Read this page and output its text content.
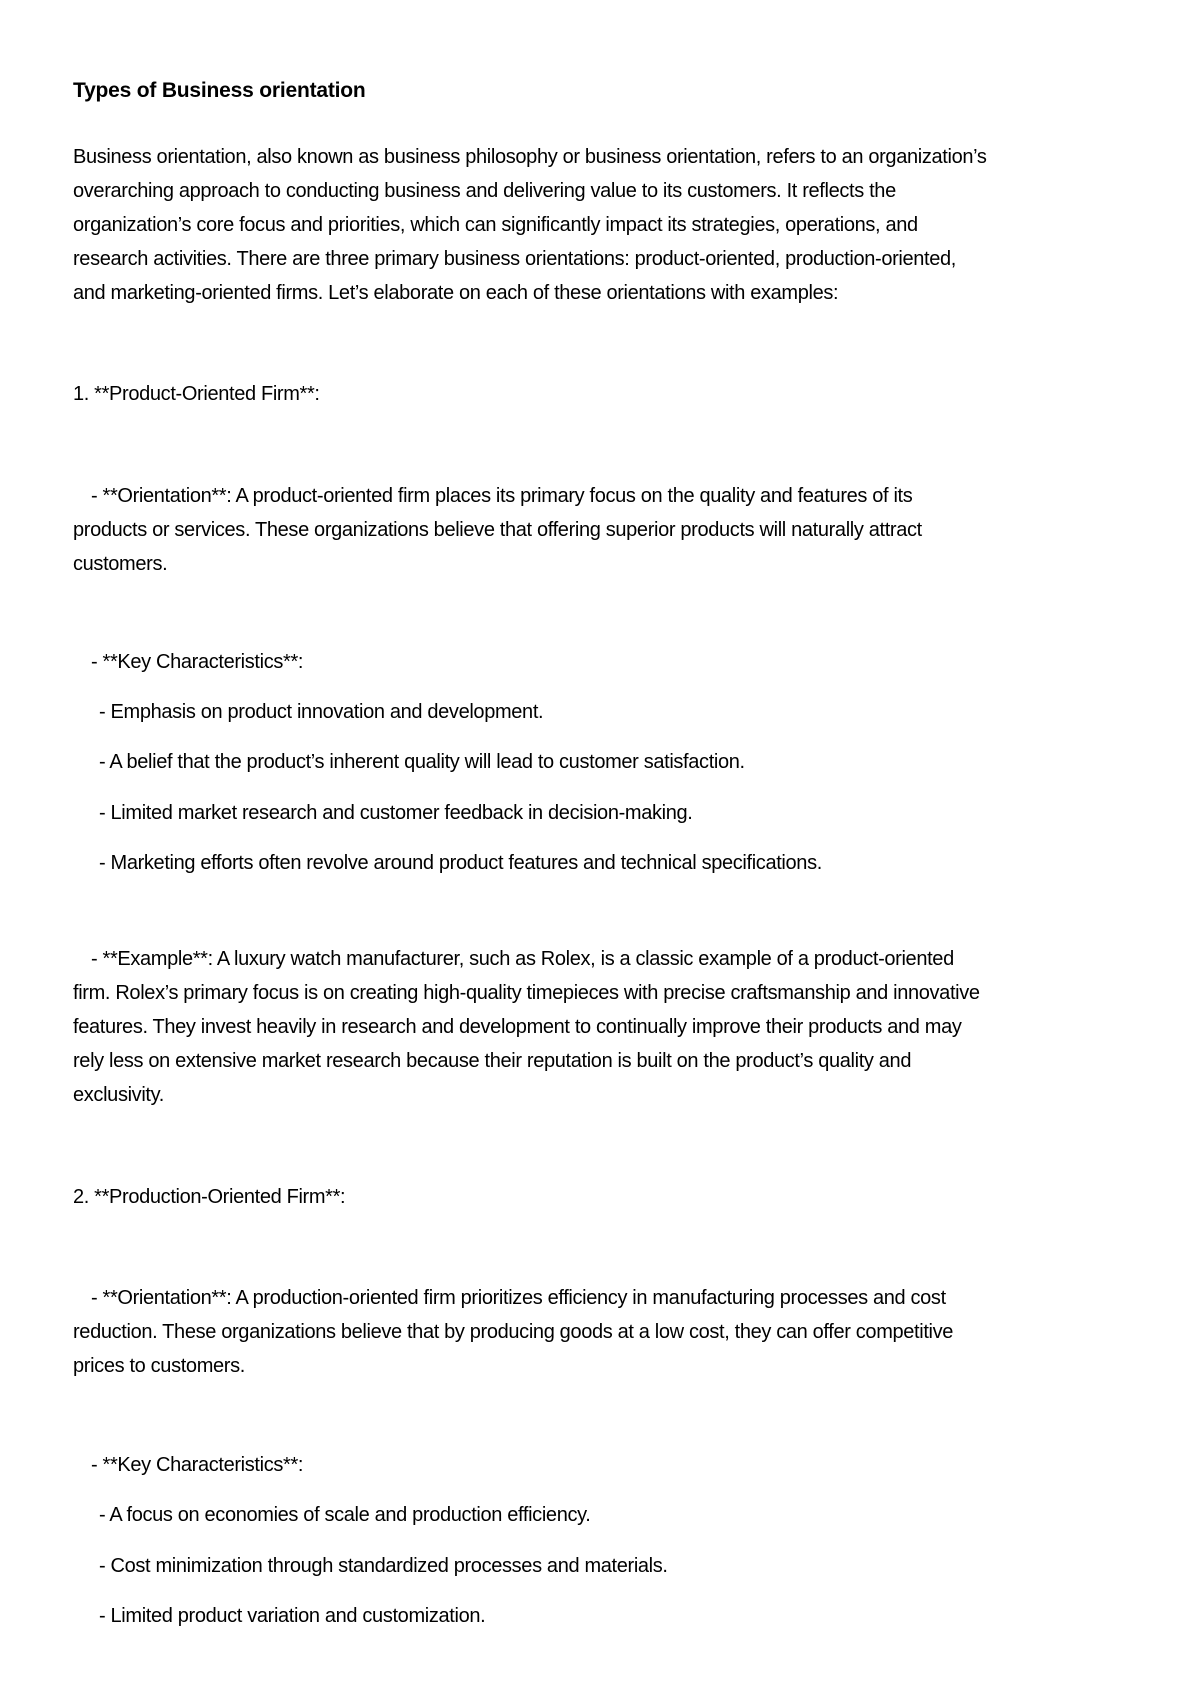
Types of Business orientation
Business orientation, also known as business philosophy or business orientation, refers to an organization’s
overarching approach to conducting business and delivering value to its customers. It reflects the
organization’s core focus and priorities, which can significantly impact its strategies, operations, and
research activities. There are three primary business orientations: product-oriented, production-oriented,
and marketing-oriented firms. Let’s elaborate on each of these orientations with examples:
1. **Product-Oriented Firm**:
- **Orientation**: A product-oriented firm places its primary focus on the quality and features of its
products or services. These organizations believe that offering superior products will naturally attract
customers.
- **Key Characteristics**:
- Emphasis on product innovation and development.
- A belief that the product’s inherent quality will lead to customer satisfaction.
- Limited market research and customer feedback in decision-making.
- Marketing efforts often revolve around product features and technical specifications.
- **Example**: A luxury watch manufacturer, such as Rolex, is a classic example of a product-oriented
firm. Rolex’s primary focus is on creating high-quality timepieces with precise craftsmanship and innovative
features. They invest heavily in research and development to continually improve their products and may
rely less on extensive market research because their reputation is built on the product’s quality and
exclusivity.
2. **Production-Oriented Firm**:
- **Orientation**: A production-oriented firm prioritizes efficiency in manufacturing processes and cost
reduction. These organizations believe that by producing goods at a low cost, they can offer competitive
prices to customers.
- **Key Characteristics**:
- A focus on economies of scale and production efficiency.
- Cost minimization through standardized processes and materials.
- Limited product variation and customization.
